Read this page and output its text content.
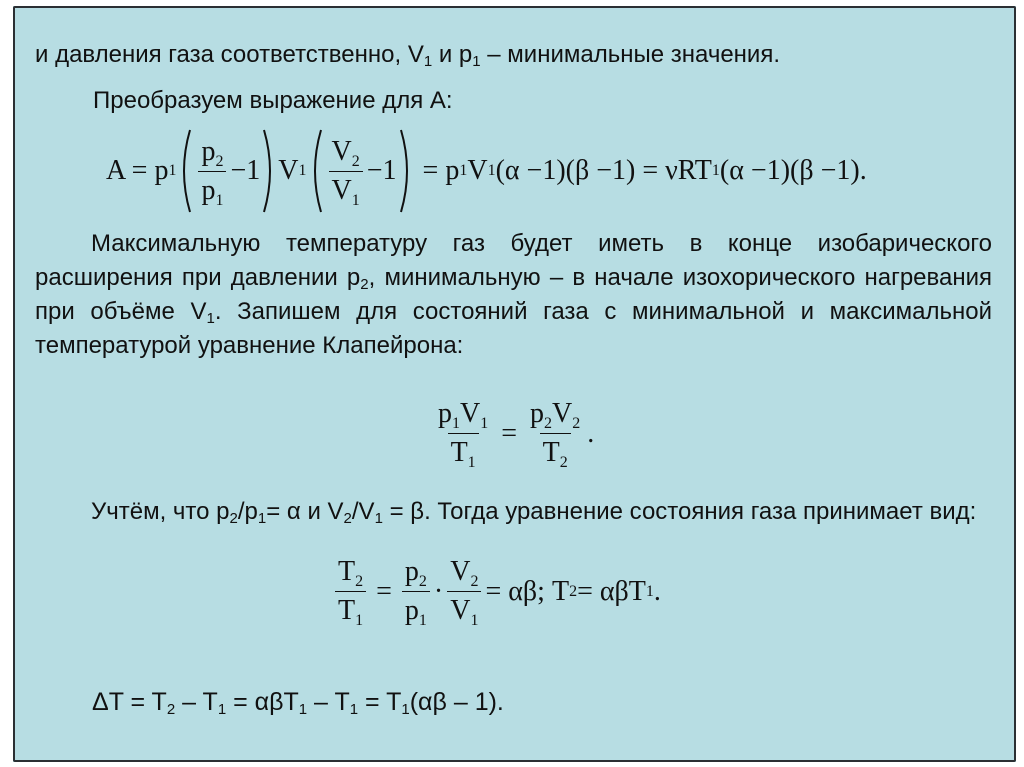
и давления газа соответственно, $V_1$ и $p_1$ – минимальные значения.
Преобразуем выражение для А:
A = p $1 \frac{p_2}{p_1} -1$ V $1 \frac{V_2}{V_1} -1 = p$ 1 V 1 (α −1)(β −1) = νRT 1 (α −1)(β −1).
Максимальную температуру газ будет иметь в конце изобарического расширения при давлении $p_2$, минимальную – в начале изохорического нагревания при объёме $V_1$. Запишем для состояний газа с минимальной и максимальной температурой уравнение Клапейрона:
$\frac{p_1V_1}{T_1} = \frac{p_2V_2}{T_2}$ .
Учтём, что $p_2/p_1= \alpha$ и $V_2/V_1 = \beta$. Тогда уравнение состояния газа принимает вид:
$\frac{T_2}{T_1} = \frac{p_2}{p_1} \cdot \frac{V_2}{V_1} = \alpha\beta$; T 2 = αβT 1 .
$\Delta T = T_2 - T_1 = \alpha\beta T_1 - T_1 = T_1(\alpha\beta - 1)$.
